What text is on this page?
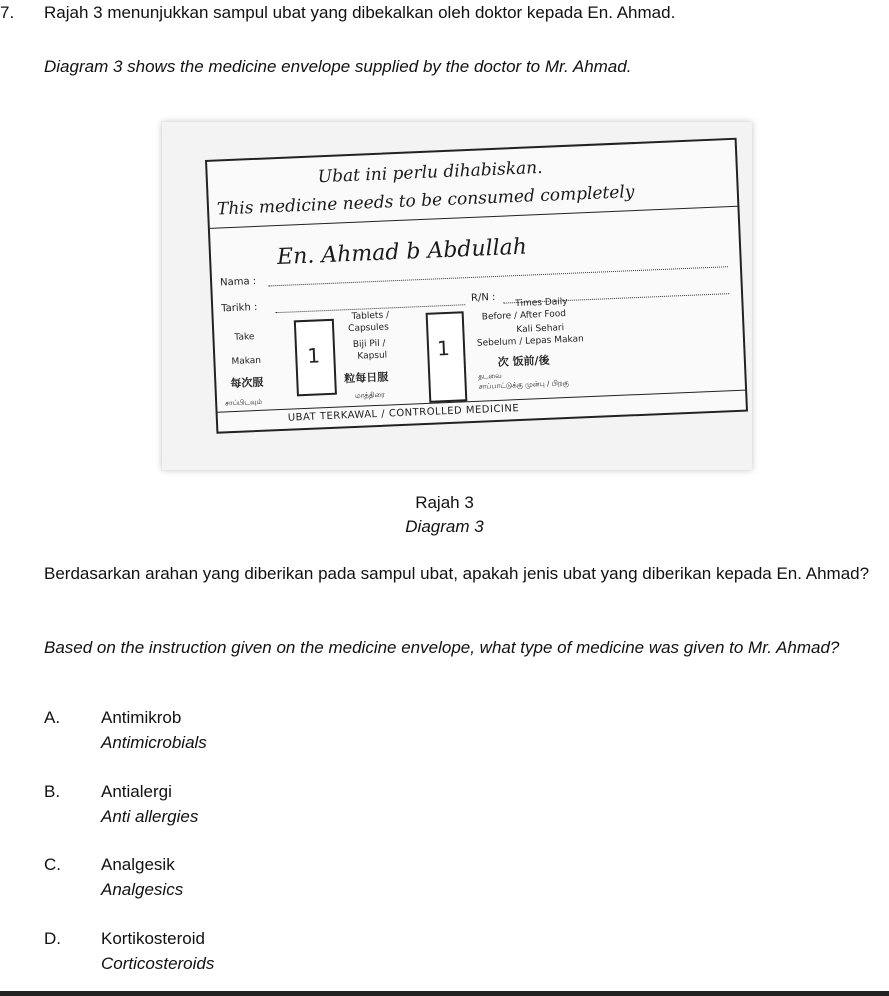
7. Rajah 3 menunjukkan sampul ubat yang dibekalkan oleh doktor kepada En. Ahmad.
Diagram 3 shows the medicine envelope supplied by the doctor to Mr. Ahmad.
Ubat ini perlu dihabiskan.
This medicine needs to be consumed completely
Nama :
En. Ahmad b Abdullah
Tarikh :
R/N :
Take
Makan 1
Tablets /
Capsules
Biji Pil /
Kapsul 1
Times Daily
Before / After Food
Kali Sehari
Sebelum / Lepas Makan
每次服	粒每日服
次 饭前/後
சாப்பிடவும்
மாத்திரை
தடவை
சாப்பாட்டுக்கு முன்பு / பிறகு
UBAT TERKAWAL / CONTROLLED MEDICINE
Rajah 3
Diagram 3
Berdasarkan arahan yang diberikan pada sampul ubat, apakah jenis ubat yang diberikan kepada En. Ahmad?
Based on the instruction given on the medicine envelope, what type of medicine was given to Mr. Ahmad?
A. Antimikrob
Antimicrobials
B. Antialergi
Anti allergies
C. Analgesik
Analgesics
D. Kortikosteroid
Corticosteroids
